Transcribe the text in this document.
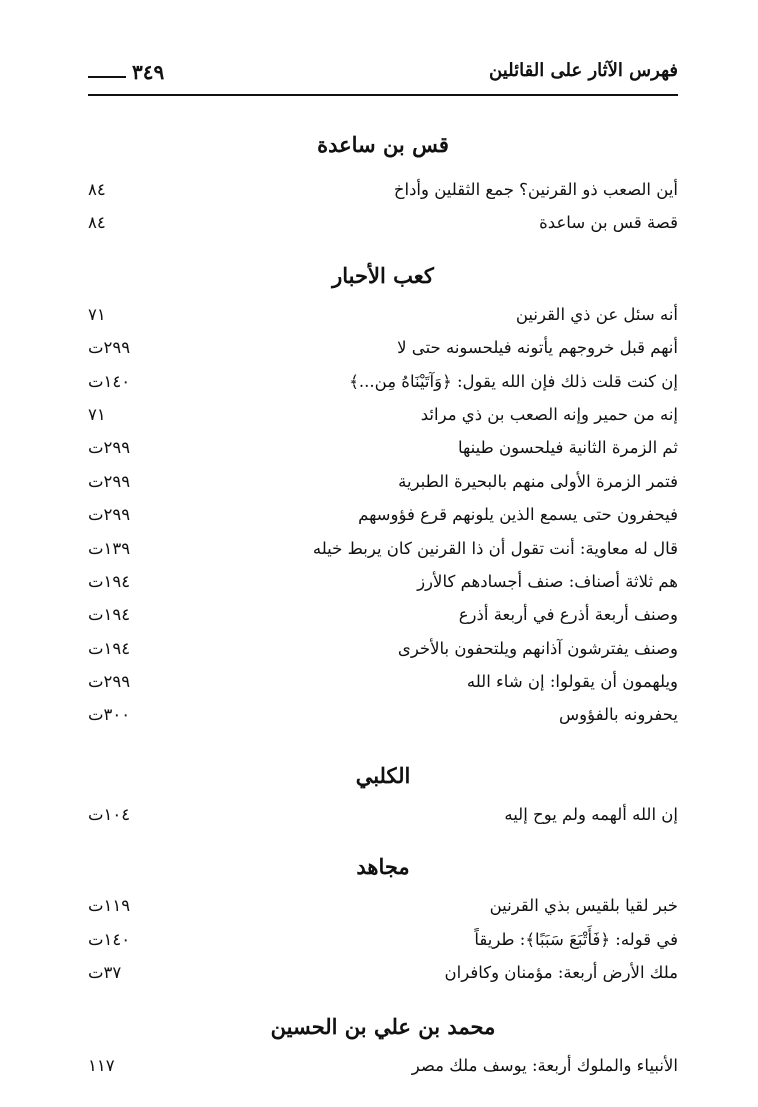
فهرس الآثار على القائلين
٣٤٩
قس بن ساعدة
أين الصعب ذو القرنين؟ جمع الثقلين وأداخ
٨٤
قصة قس بن ساعدة
٨٤
كعب الأحبار
أنه سئل عن ذي القرنين
٧١
أنهم قبل خروجهم يأتونه فيلحسونه حتى لا
٢٩٩ت
إن كنت قلت ذلك فإن الله يقول: ﴿وَآتَيْنَاهُ مِن...﴾
١٤٠ت
إنه من حمير وإنه الصعب بن ذي مرائد
٧١
ثم الزمرة الثانية فيلحسون طينها
٢٩٩ت
فتمر الزمرة الأولى منهم بالبحيرة الطبرية
٢٩٩ت
فيحفرون حتى يسمع الذين يلونهم قرع فؤوسهم
٢٩٩ت
قال له معاوية: أنت تقول أن ذا القرنين كان يربط خيله
١٣٩ت
هم ثلاثة أصناف: صنف أجسادهم كالأرز
١٩٤ت
وصنف أربعة أذرع في أربعة أذرع
١٩٤ت
وصنف يفترشون آذانهم ويلتحفون بالأخرى
١٩٤ت
ويلهمون أن يقولوا: إن شاء الله
٢٩٩ت
يحفرونه بالفؤوس
٣٠٠ت
الكلبي
إن الله ألهمه ولم يوح إليه
١٠٤ت
مجاهد
خبر لقيا بلقيس بذي القرنين
١١٩ت
في قوله: ﴿فَأَتْبَعَ سَبَبًا﴾: طريقاً
١٤٠ت
ملك الأرض أربعة: مؤمنان وكافران
٣٧ت
محمد بن علي بن الحسين
الأنبياء والملوك أربعة: يوسف ملك مصر
١١٧
